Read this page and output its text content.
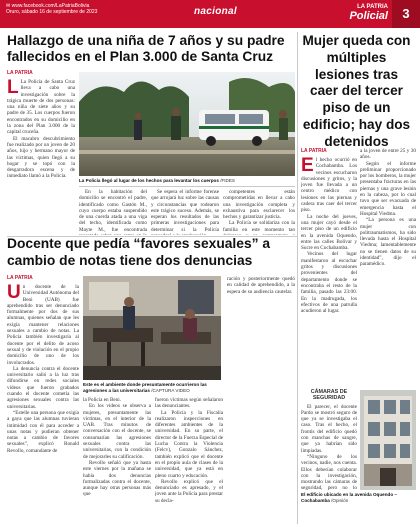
✉ www.facebook.com/LaPatriaBolivia
Oruro, sábado 16 de septiembre de 2023	nacional	LA PATRIA
Policial	3
Hallazgo de una niña de 7 años y su padre fallecidos en el Plan 3.000 de Santa Cruz
LA PATRIA
L La Policía de Santa Cruz lleva a cabo una investigación sobre la trágica muerte de dos personas: una niña de siete años y su padre de 35. Los cuerpos fueron encontrados en su domicilio en la zona del Plan 3.000 de la capital cruceña.

El macabro descubrimiento fue realizado por un joven de 20 años, hijo y hermano mayor de las víctimas, quien llegó a su hogar y se topó con la desgarradora escena y de inmediato llamó a la Policía.

La Policía llegó al lugar de los hechos para levantar los cuerpos /FIDES

En la habitación del domicilio se encontró el padre, identificado como Gastón M., cuyo cuerpo estaba suspendido de una cuerda atada a una viga del techo, identificada como Mayte M., fue encontrada

Se espera el informe forense que arrojará luz sobre las causas y circunstancias que rodearon este trágico suceso. Además, se esperan los resultados de las primeras investigaciones para determinar si la Policía

competentes están comprometidas en llevar a cabo una investigación completa y exhaustiva para esclarecer los hechos y garantizar justicia.

La Policía se solidariza con la familia en este momento tan

Docente que pedía “favores sexuales” a cambio de notas tiene dos denuncias
LA PATRIA
U n docente de la Universidad Autónoma del Beni (UAB) fue aprehendido tras ser denunciado formalmente por dos de sus alumnas, quienes señalan que les exigía mantener relaciones sexuales a cambio de notas. La Policía también investigaría al docente por el delito de acoso sexual y de violación en el propio domicilio de uno de los involucrados.

La denuncia contra el docente universitario salió a la luz tras difundirse en redes sociales videos que fueron grabados cuando el docente cometía las agresiones sexuales contra las universitarias.

“Estelle una persona que exigía a gaya que las alumnas tuvieran intimidad con él para acceder a unas notas y pudieran obtener notas a cambio de favores sexuales”, explicó Ronald Revollo, comandante de

Este es el ambiente donde presuntamente ocurrieron las agresiones a las universitarias /CAPTURA VIDEO

la Policía en Beni.

En los videos se observa a mujeres, presuntamente las víctimas, en el interior de la UAB. Tras minutos de conversación con el docente, se consumarían las agresiones sexuales contra las universitarias, con la condición de mejorarles su calificación.

Revollo señaló que ya hasta este viernes por la mañana se había dos denuncias formalizadas contra el docente, aunque hay otras personas más que

fueron víctimas según señalaron las denunciantes.

La Policía y la Fiscalía realizaron inspecciones en diferentes ambientes de la universidad. En su parte, el director de la Fuerza Especial de Lucha Contra la Violencia (Felcv), Gonzalo Sánchez, también explicó que el docente en el propio aula de clases de la universidad, que ya está en pleno cuarto y educación.

Revollo explicó que el denunciado es apresado, y el joven ante la Policía para prestar su decla-

ración y posteriormente quedó en calidad de aprehendido, a la espera de su audiencia cautelar.

Mujer queda con múltiples lesiones tras caer del tercer piso de un edificio; hay dos detenidos
LA PATRIA
E l hecho ocurrió en Cochabamba. Los vecinos escucharon discusiones y gritos, y la joven fue llevada a un centro médico con lesiones en las piernas y cadera tras caer del tercer piso.

La noche del jueves, una mujer cayó desde el tercer piso de un edificio en la avenida Oquendo, entre las calles Bolívar y Sucre en Cochabamba.

Vecinos del lugar manifestaron al escuchar gritos y discusiones provenientes del departamento donde se encontraba el resto de la familia, pasado las 23:00. En la madrugada, los efectivos de una patrulla acudieron al lugar.

a la joven de entre 25 y 30 años.

Según el informe preliminar proporcionado por los bomberos, la mujer presentaba fracturas en las piernas y una grave lesión en la cabeza, por lo cual tuvo que ser evacuada de emergencia hasta el Hospital Viedma.

“La persona es una mujer con politraumatismos, ha sido llevada hasta el Hospital Viedma; lamentablemente no se tienen datos de su identidad”, dijo el paramédico.

CÁMARAS DE SEGURIDAD

El parecer, el docente Pardo se mostró seguro de que ya se investigaba el caso. Tras el hecho, el frontis del edificio quedó con manchas de sangre, que ya habrían sido limpiadas.

“Ninguno de los vecinos, nadie, nos cuenta. Ellos deberían colaborar con la investigación, mostrando las cámaras de seguridad, pero no lo

El edificio ubicado en la avenida Oquendo – Cochabamba /Opinión
